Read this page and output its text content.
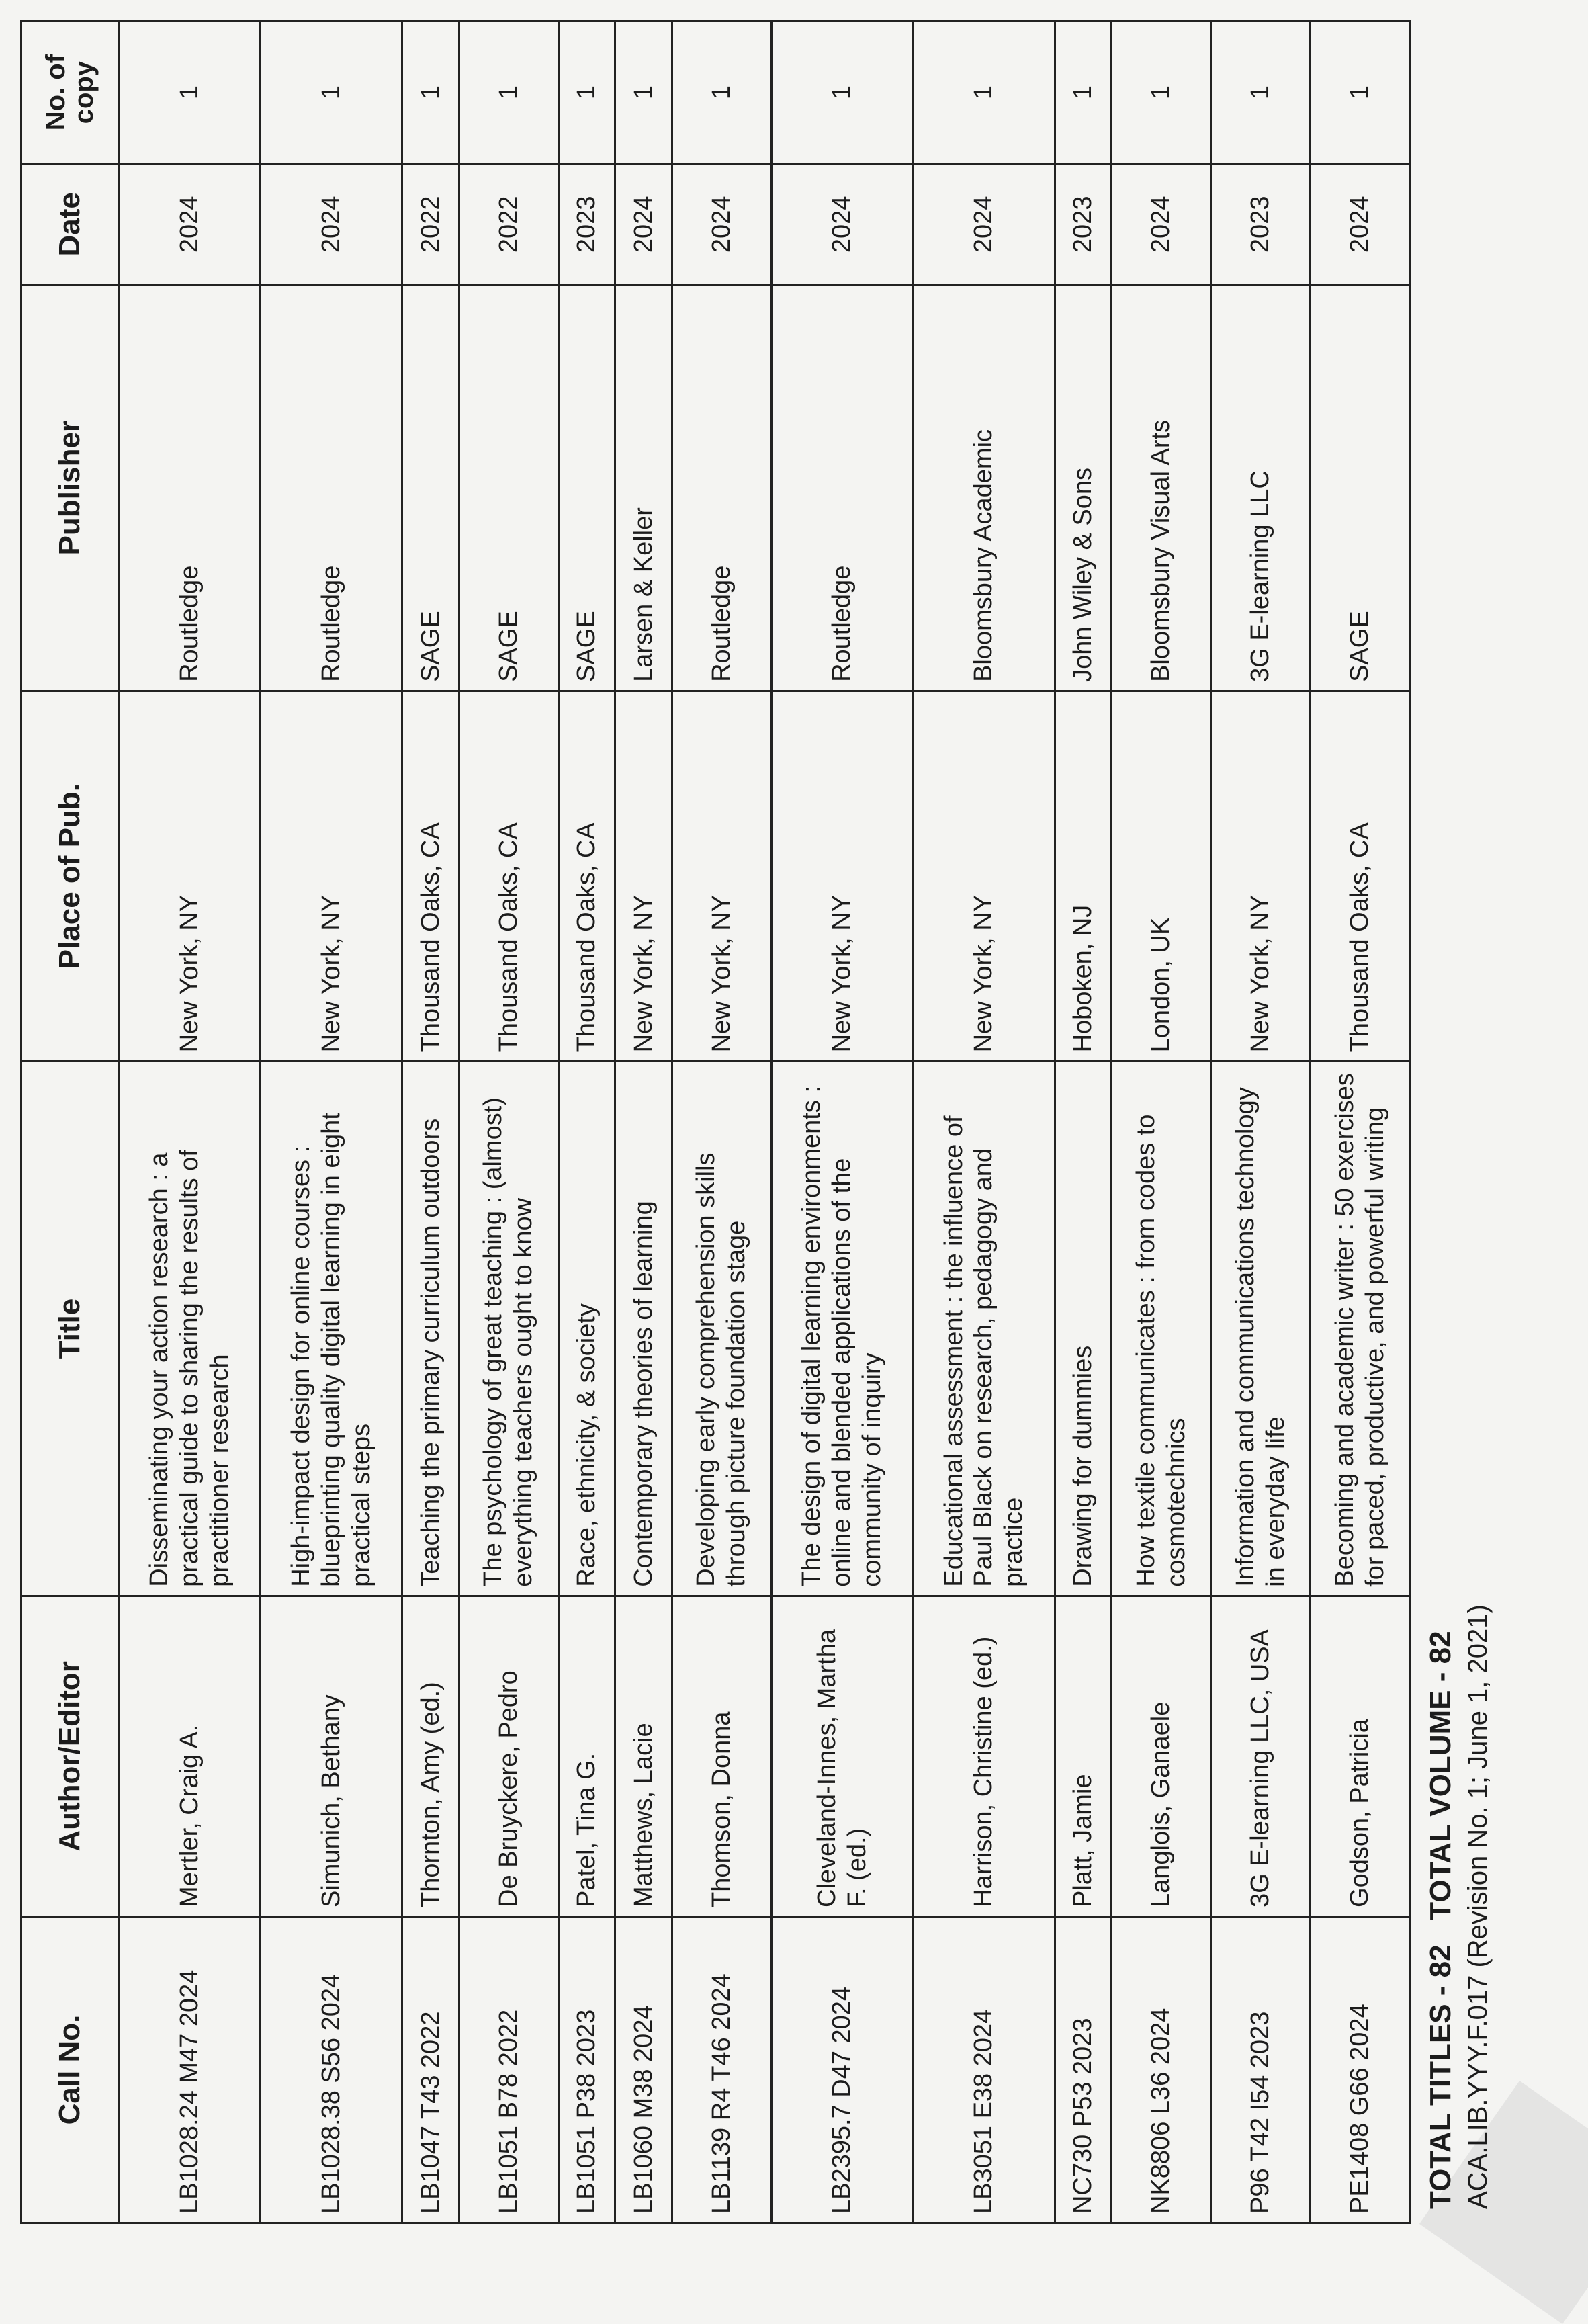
Call No.	Author/Editor	Title	Place of Pub.	Publisher	Date	No. of copy
LB1028.24 M47 2024	Mertler, Craig A.	Disseminating your action research : a practical guide to sharing the results of practitioner research	New York, NY	Routledge	2024	1
LB1028.38 S56 2024	Simunich, Bethany	High-impact design for online courses : blueprinting quality digital learning in eight practical steps	New York, NY	Routledge	2024	1
LB1047 T43 2022	Thornton, Amy (ed.)	Teaching the primary curriculum outdoors	Thousand Oaks, CA	SAGE	2022	1
LB1051 B78 2022	De Bruyckere, Pedro	The psychology of great teaching : (almost) everything teachers ought to know	Thousand Oaks, CA	SAGE	2022	1
LB1051 P38 2023	Patel, Tina G.	Race, ethnicity, & society	Thousand Oaks, CA	SAGE	2023	1
LB1060 M38 2024	Matthews, Lacie	Contemporary theories of learning	New York, NY	Larsen & Keller	2024	1
LB1139 R4 T46 2024	Thomson, Donna	Developing early comprehension skills through picture foundation stage	New York, NY	Routledge	2024	1
LB2395.7 D47 2024	Cleveland-Innes, Martha F. (ed.)	The design of digital learning environments : online and blended applications of the community of inquiry	New York, NY	Routledge	2024	1
LB3051 E38 2024	Harrison, Christine (ed.)	Educational assessment : the influence of Paul Black on research, pedagogy and practice	New York, NY	Bloomsbury Academic	2024	1
NC730 P53 2023	Platt, Jamie	Drawing for dummies	Hoboken, NJ	John Wiley & Sons	2023	1
NK8806 L36 2024	Langlois, Ganaele	How textile communicates : from codes to cosmotechnics	London, UK	Bloomsbury Visual Arts	2024	1
P96 T42 I54 2023	3G E-learning LLC, USA	Information and communications technology in everyday life	New York, NY	3G E-learning LLC	2023	1
PE1408 G66 2024	Godson, Patricia	Becoming and academic writer : 50 exercises for paced, productive, and powerful writing	Thousand Oaks, CA	SAGE	2024	1
TOTAL TITLES - 82   TOTAL VOLUME - 82 ACA.LIB.YYY.F.017 (Revision No. 1; June 1, 2021)
